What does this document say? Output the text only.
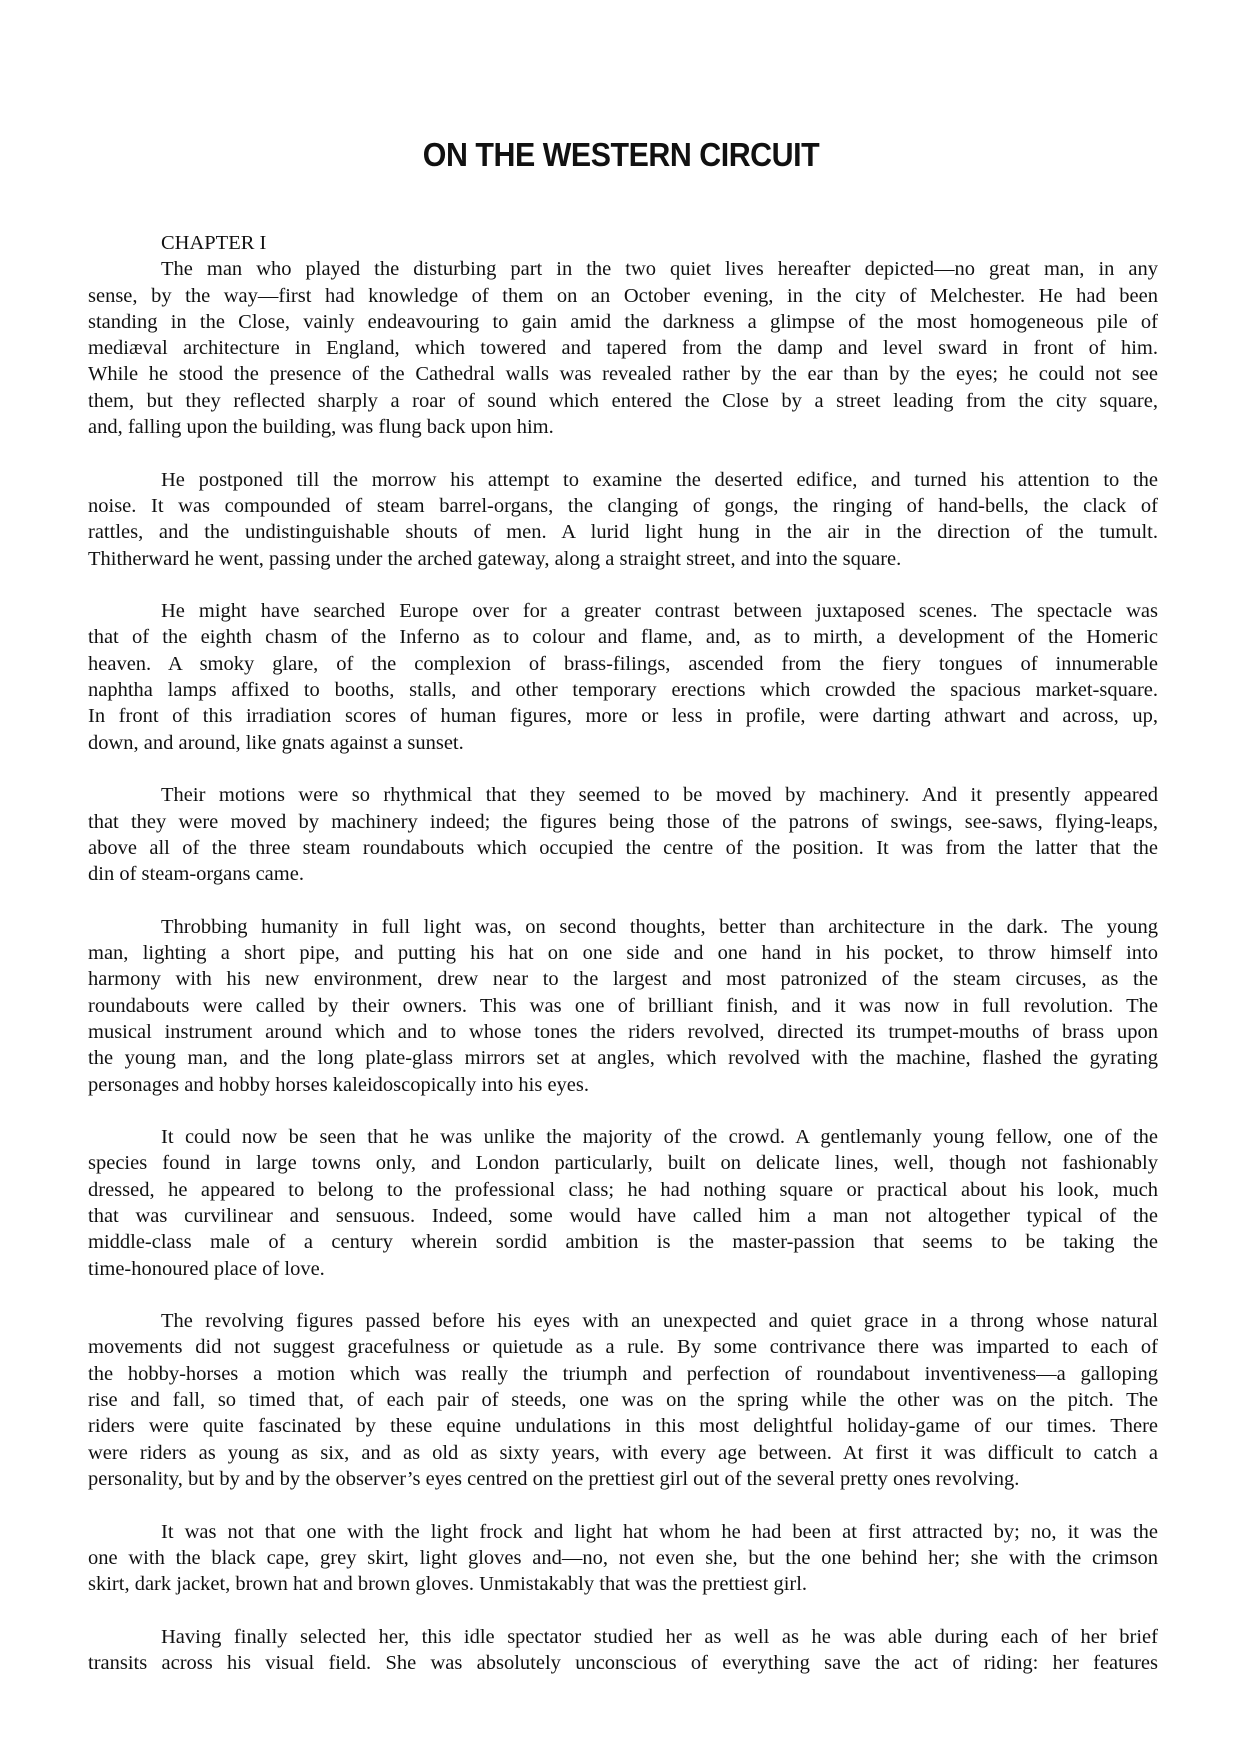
ON THE WESTERN CIRCUIT
CHAPTER I
The man who played the disturbing part in the two quiet lives hereafter depicted—no great man, in any
sense, by the way—first had knowledge of them on an October evening, in the city of Melchester. He had been
standing in the Close, vainly endeavouring to gain amid the darkness a glimpse of the most homogeneous pile of
mediæval architecture in England, which towered and tapered from the damp and level sward in front of him.
While he stood the presence of the Cathedral walls was revealed rather by the ear than by the eyes; he could not see
them, but they reflected sharply a roar of sound which entered the Close by a street leading from the city square,
and, falling upon the building, was flung back upon him.
He postponed till the morrow his attempt to examine the deserted edifice, and turned his attention to the
noise. It was compounded of steam barrel-organs, the clanging of gongs, the ringing of hand-bells, the clack of
rattles, and the undistinguishable shouts of men. A lurid light hung in the air in the direction of the tumult.
Thitherward he went, passing under the arched gateway, along a straight street, and into the square.
He might have searched Europe over for a greater contrast between juxtaposed scenes. The spectacle was
that of the eighth chasm of the Inferno as to colour and flame, and, as to mirth, a development of the Homeric
heaven. A smoky glare, of the complexion of brass-filings, ascended from the fiery tongues of innumerable
naphtha lamps affixed to booths, stalls, and other temporary erections which crowded the spacious market-square.
In front of this irradiation scores of human figures, more or less in profile, were darting athwart and across, up,
down, and around, like gnats against a sunset.
Their motions were so rhythmical that they seemed to be moved by machinery. And it presently appeared
that they were moved by machinery indeed; the figures being those of the patrons of swings, see-saws, flying-leaps,
above all of the three steam roundabouts which occupied the centre of the position. It was from the latter that the
din of steam-organs came.
Throbbing humanity in full light was, on second thoughts, better than architecture in the dark. The young
man, lighting a short pipe, and putting his hat on one side and one hand in his pocket, to throw himself into
harmony with his new environment, drew near to the largest and most patronized of the steam circuses, as the
roundabouts were called by their owners. This was one of brilliant finish, and it was now in full revolution. The
musical instrument around which and to whose tones the riders revolved, directed its trumpet-mouths of brass upon
the young man, and the long plate-glass mirrors set at angles, which revolved with the machine, flashed the gyrating
personages and hobby horses kaleidoscopically into his eyes.
It could now be seen that he was unlike the majority of the crowd. A gentlemanly young fellow, one of the
species found in large towns only, and London particularly, built on delicate lines, well, though not fashionably
dressed, he appeared to belong to the professional class; he had nothing square or practical about his look, much
that was curvilinear and sensuous. Indeed, some would have called him a man not altogether typical of the
middle-class male of a century wherein sordid ambition is the master-passion that seems to be taking the
time-honoured place of love.
The revolving figures passed before his eyes with an unexpected and quiet grace in a throng whose natural
movements did not suggest gracefulness or quietude as a rule. By some contrivance there was imparted to each of
the hobby-horses a motion which was really the triumph and perfection of roundabout inventiveness—a galloping
rise and fall, so timed that, of each pair of steeds, one was on the spring while the other was on the pitch. The
riders were quite fascinated by these equine undulations in this most delightful holiday-game of our times. There
were riders as young as six, and as old as sixty years, with every age between. At first it was difficult to catch a
personality, but by and by the observer’s eyes centred on the prettiest girl out of the several pretty ones revolving.
It was not that one with the light frock and light hat whom he had been at first attracted by; no, it was the
one with the black cape, grey skirt, light gloves and—no, not even she, but the one behind her; she with the crimson
skirt, dark jacket, brown hat and brown gloves. Unmistakably that was the prettiest girl.
Having finally selected her, this idle spectator studied her as well as he was able during each of her brief
transits across his visual field. She was absolutely unconscious of everything save the act of riding: her features
